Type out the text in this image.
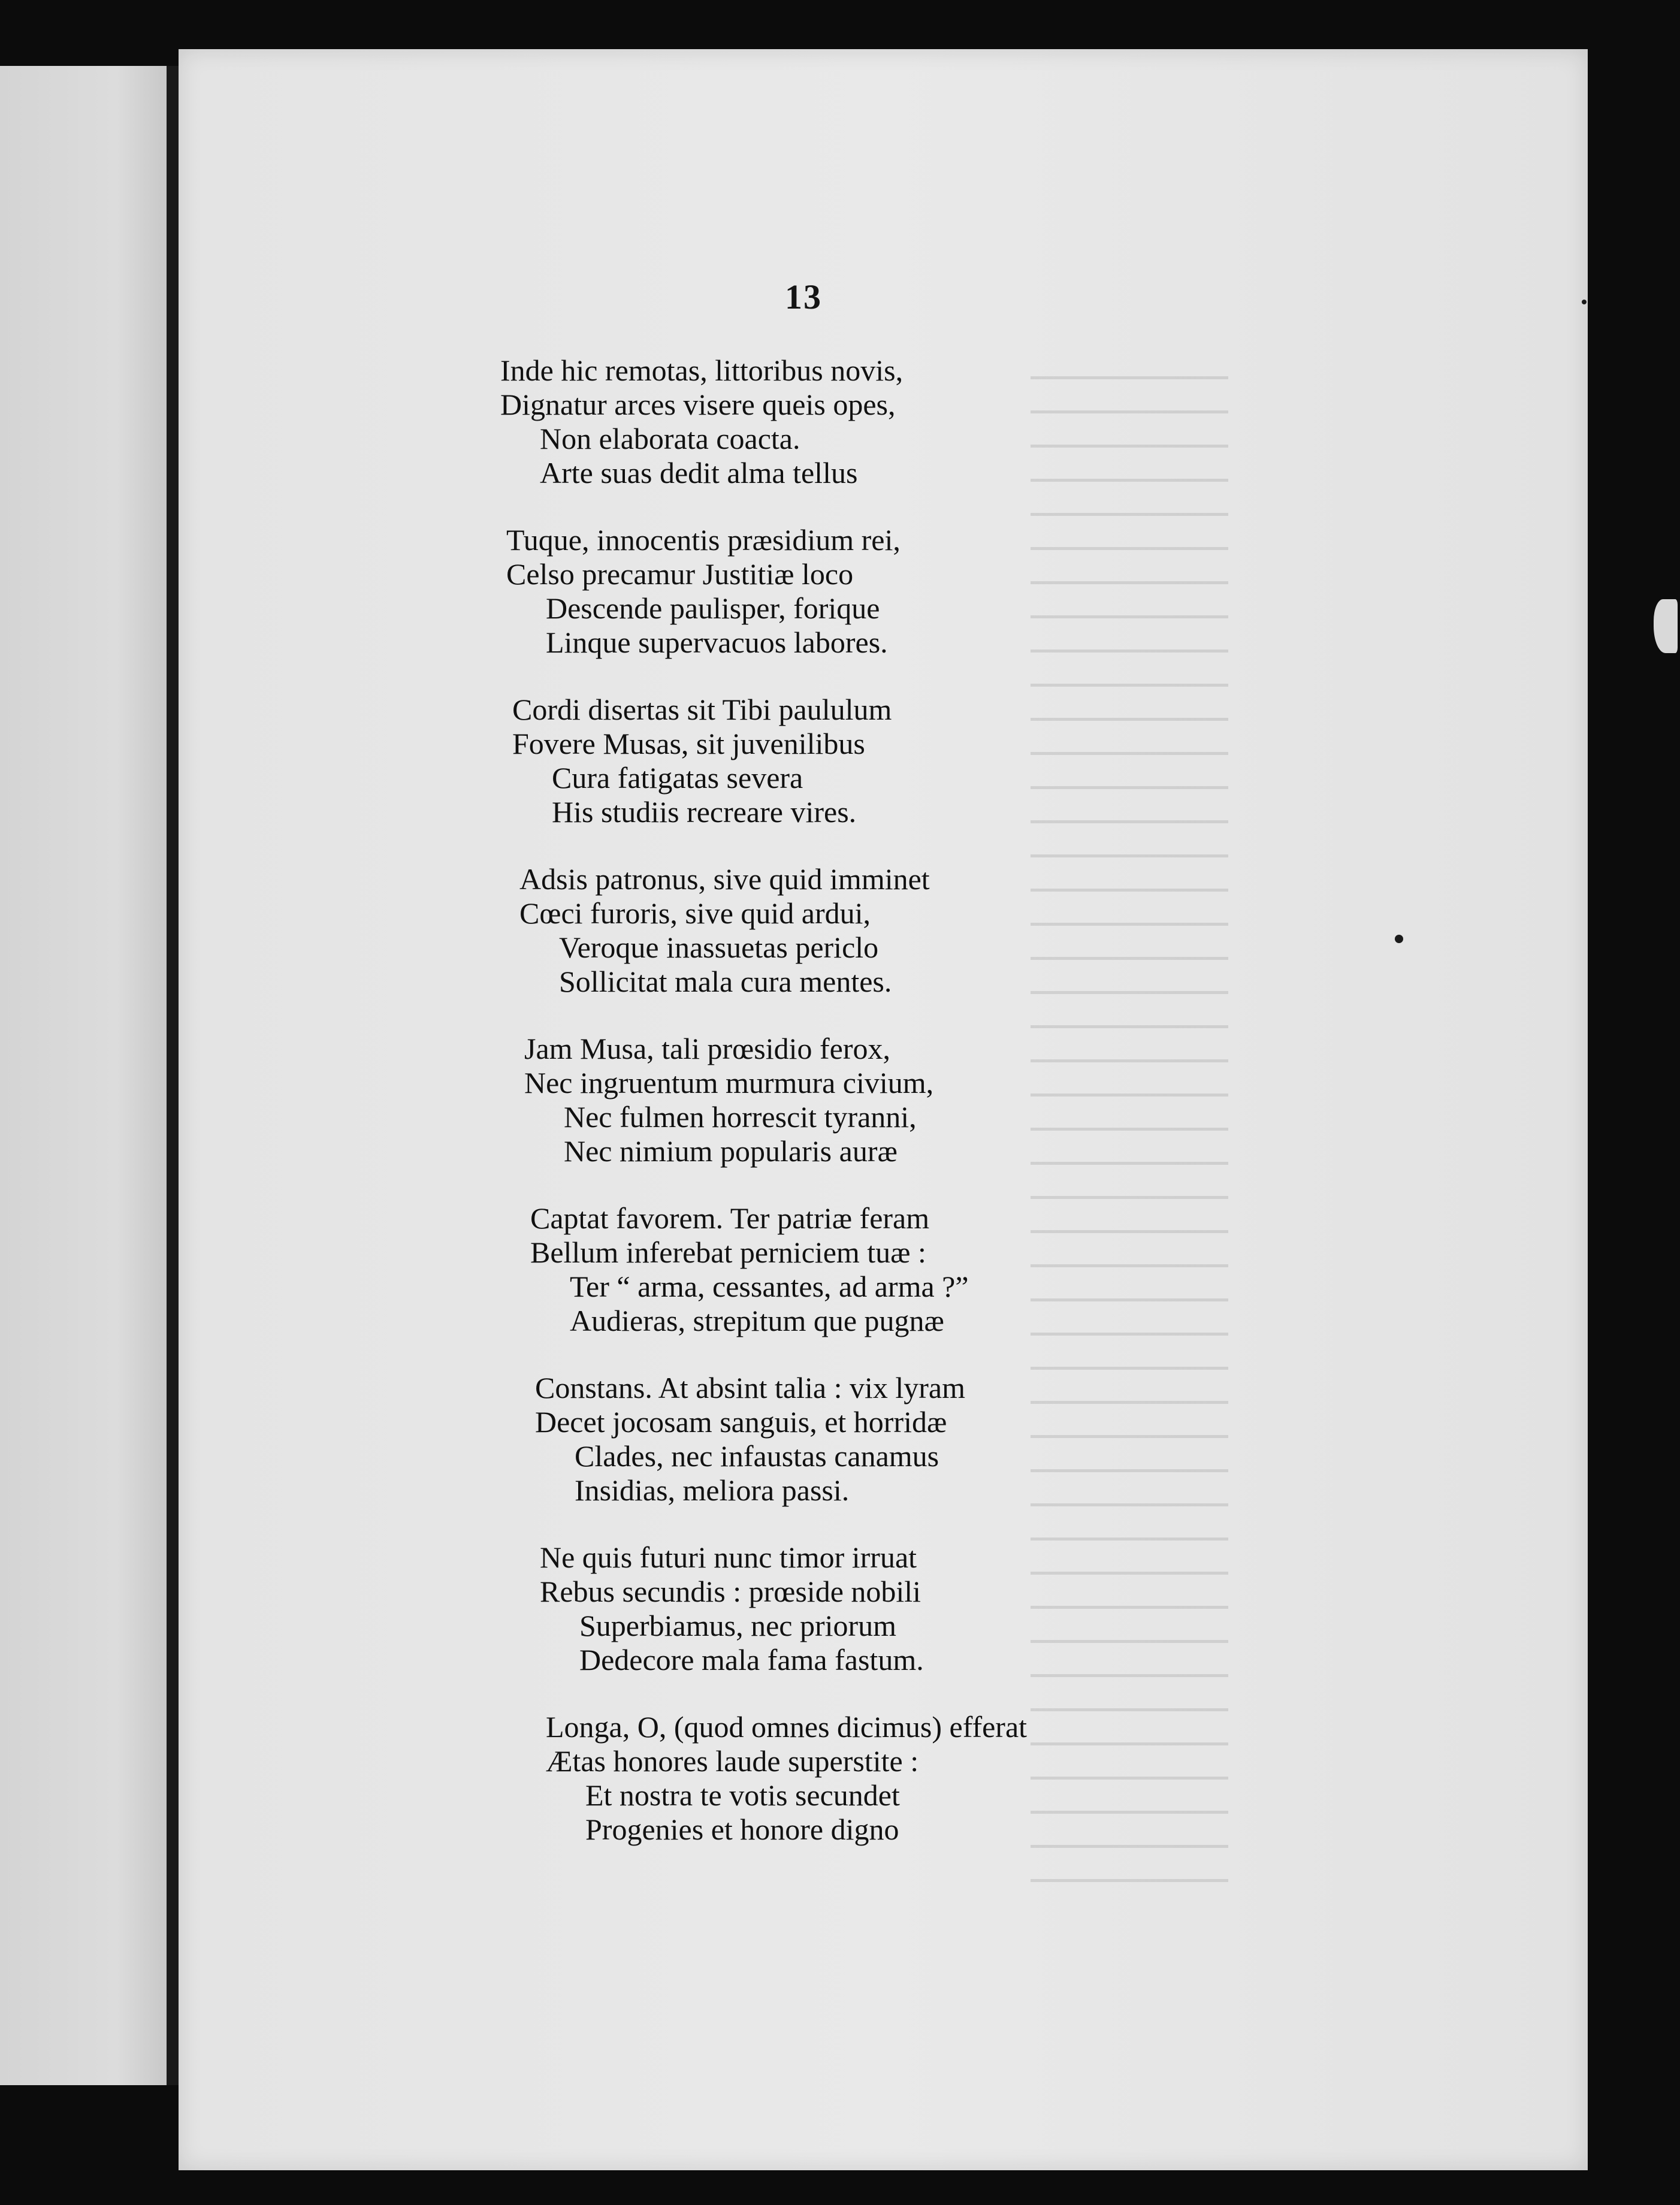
13
Inde hic remotas, littoribus novis,
Dignatur arces visere queis opes,
Non elaborata coacta.
Arte suas dedit alma tellus
Tuque, innocentis præsidium rei,
Celso precamur Justitiæ loco
Descende paulisper, forique
Linque supervacuos labores.
Cordi disertas sit Tibi paululum
Fovere Musas, sit juvenilibus
Cura fatigatas severa
His studiis recreare vires.
Adsis patronus, sive quid imminet
Cœci furoris, sive quid ardui,
Veroque inassuetas periclo
Sollicitat mala cura mentes.
Jam Musa, tali prœsidio ferox,
Nec ingruentum murmura civium,
Nec fulmen horrescit tyranni,
Nec nimium popularis auræ
Captat favorem. Ter patriæ feram
Bellum inferebat perniciem tuæ :
Ter “ arma, cessantes, ad arma ?”
Audieras, strepitum que pugnæ
Constans. At absint talia : vix lyram
Decet jocosam sanguis, et horridæ
Clades, nec infaustas canamus
Insidias, meliora passi.
Ne quis futuri nunc timor irruat
Rebus secundis : prœside nobili
Superbiamus, nec priorum
Dedecore mala fama fastum.
Longa, O, (quod omnes dicimus) efferat
Ætas honores laude superstite :
Et nostra te votis secundet
Progenies et honore digno
